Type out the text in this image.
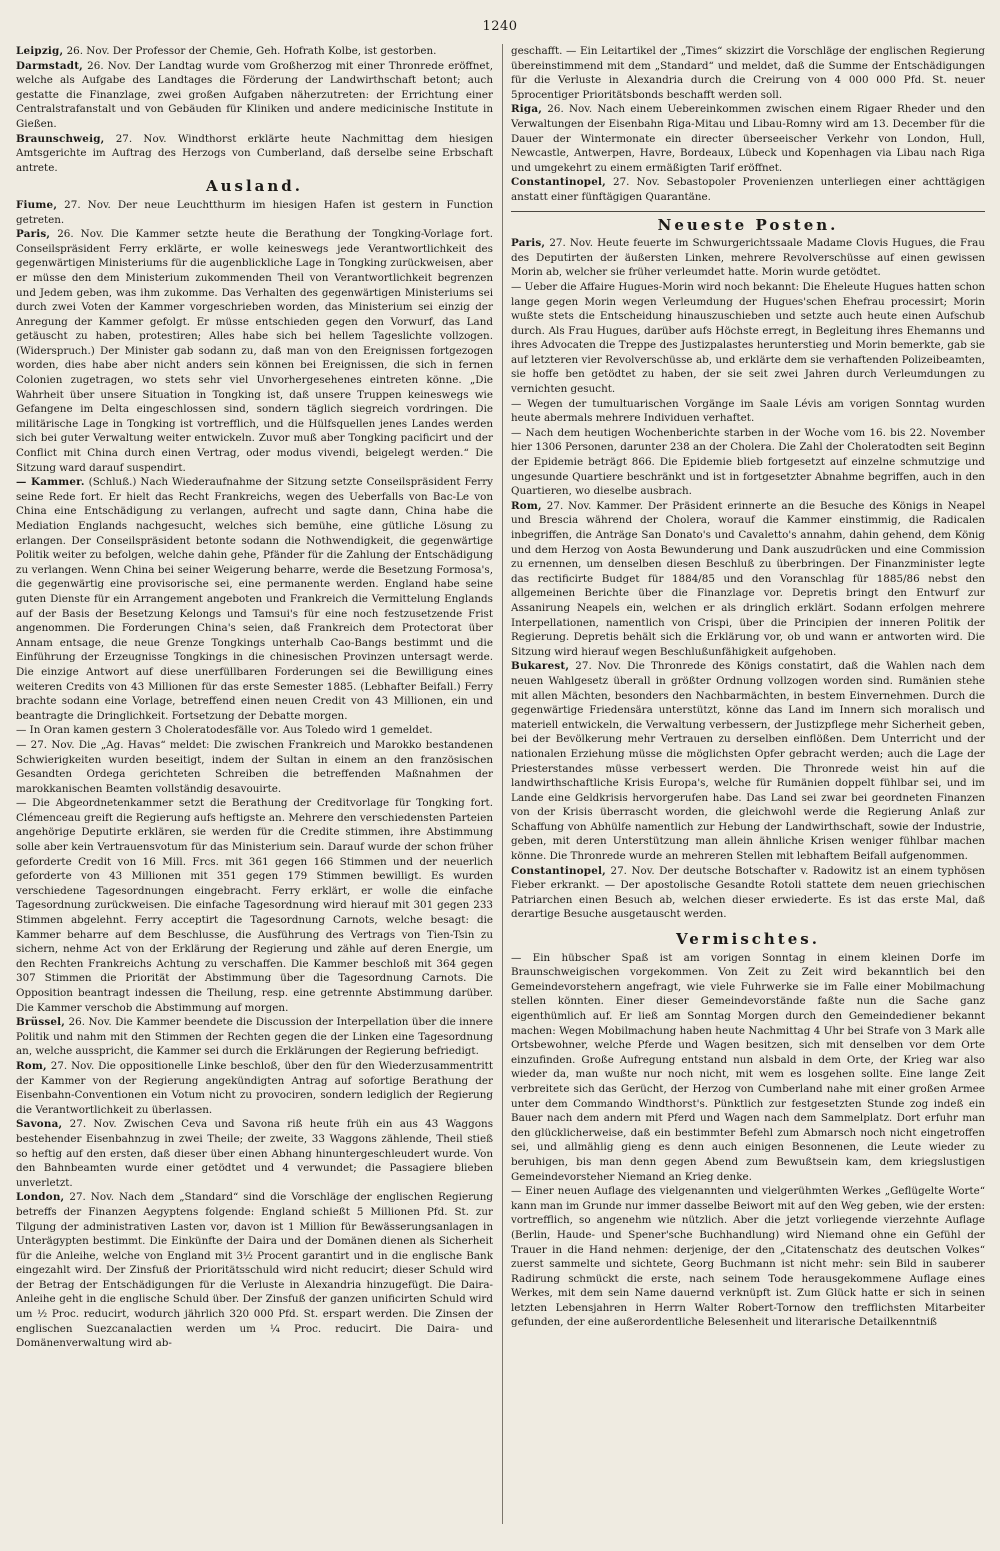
1240

Leipzig, 26. Nov. Der Professor der Chemie, Geh. Hofrath Kolbe, ist gestorben.

Darmstadt, 26. Nov. Der Landtag wurde vom Großherzog mit einer Thronrede eröffnet, welche als Aufgabe des Landtages die Förderung der Landwirthschaft betont; auch gestatte die Finanzlage, zwei großen Aufgaben näherzutreten: der Errichtung einer Centralstrafanstalt und von Gebäuden für Kliniken und andere medicinische Institute in Gießen.

Braunschweig, 27. Nov. Windthorst erklärte heute Nachmittag dem hiesigen Amtsgerichte im Auftrag des Herzogs von Cumberland, daß derselbe seine Erbschaft antrete.

Ausland.

Fiume, 27. Nov. Der neue Leuchtthurm im hiesigen Hafen ist gestern in Function getreten.

Paris, 26. Nov. Die Kammer setzte heute die Berathung der Tongking-Vorlage fort. Conseilspräsident Ferry erklärte, er wolle keineswegs jede Verantwortlichkeit des gegenwärtigen Ministeriums für die augenblickliche Lage in Tongking zurückweisen, aber er müsse den dem Ministerium zukommenden Theil von Verantwortlichkeit begrenzen und Jedem geben, was ihm zukomme. Das Verhalten des gegenwärtigen Ministeriums sei durch zwei Voten der Kammer vorgeschrieben worden, das Ministerium sei einzig der Anregung der Kammer gefolgt. Er müsse entschieden gegen den Vorwurf, das Land getäuscht zu haben, protestiren; Alles habe sich bei hellem Tageslichte vollzogen. (Widerspruch.) Der Minister gab sodann zu, daß man von den Ereignissen fortgezogen worden, dies habe aber nicht anders sein können bei Ereignissen, die sich in fernen Colonien zugetragen, wo stets sehr viel Unvorhergesehenes eintreten könne. „Die Wahrheit über unsere Situation in Tongking ist, daß unsere Truppen keineswegs wie Gefangene im Delta eingeschlossen sind, sondern täglich siegreich vordringen. Die militärische Lage in Tongking ist vortrefflich, und die Hülfsquellen jenes Landes werden sich bei guter Verwaltung weiter entwickeln. Zuvor muß aber Tongking pacificirt und der Conflict mit China durch einen Vertrag, oder modus vivendi, beigelegt werden.“ Die Sitzung ward darauf suspendirt.

— Kammer. (Schluß.) Nach Wiederaufnahme der Sitzung setzte Conseilspräsident Ferry seine Rede fort. Er hielt das Recht Frankreichs, wegen des Ueberfalls von Bac-Le von China eine Entschädigung zu verlangen, aufrecht und sagte dann, China habe die Mediation Englands nachgesucht, welches sich bemühe, eine gütliche Lösung zu erlangen. Der Conseilspräsident betonte sodann die Nothwendigkeit, die gegenwärtige Politik weiter zu befolgen, welche dahin gehe, Pfänder für die Zahlung der Entschädigung zu verlangen. Wenn China bei seiner Weigerung beharre, werde die Besetzung Formosa's, die gegenwärtig eine provisorische sei, eine permanente werden. England habe seine guten Dienste für ein Arrangement angeboten und Frankreich die Vermittelung Englands auf der Basis der Besetzung Kelongs und Tamsui's für eine noch festzusetzende Frist angenommen. Die Forderungen China's seien, daß Frankreich dem Protectorat über Annam entsage, die neue Grenze Tongkings unterhalb Cao-Bangs bestimmt und die Einführung der Erzeugnisse Tongkings in die chinesischen Provinzen untersagt werde. Die einzige Antwort auf diese unerfüllbaren Forderungen sei die Bewilligung eines weiteren Credits von 43 Millionen für das erste Semester 1885. (Lebhafter Beifall.) Ferry brachte sodann eine Vorlage, betreffend einen neuen Credit von 43 Millionen, ein und beantragte die Dringlichkeit. Fortsetzung der Debatte morgen.

— In Oran kamen gestern 3 Choleratodesfälle vor. Aus Toledo wird 1 gemeldet.

— 27. Nov. Die „Ag. Havas“ meldet: Die zwischen Frankreich und Marokko bestandenen Schwierigkeiten wurden beseitigt, indem der Sultan in einem an den französischen Gesandten Ordega gerichteten Schreiben die betreffenden Maßnahmen der marokkanischen Beamten vollständig desavouirte.

— Die Abgeordnetenkammer setzt die Berathung der Creditvorlage für Tongking fort. Clémenceau greift die Regierung aufs heftigste an. Mehrere den verschiedensten Parteien angehörige Deputirte erklären, sie werden für die Credite stimmen, ihre Abstimmung solle aber kein Vertrauensvotum für das Ministerium sein. Darauf wurde der schon früher geforderte Credit von 16 Mill. Frcs. mit 361 gegen 166 Stimmen und der neuerlich geforderte von 43 Millionen mit 351 gegen 179 Stimmen bewilligt. Es wurden verschiedene Tagesordnungen eingebracht. Ferry erklärt, er wolle die einfache Tagesordnung zurückweisen. Die einfache Tagesordnung wird hierauf mit 301 gegen 233 Stimmen abgelehnt. Ferry acceptirt die Tagesordnung Carnots, welche besagt: die Kammer beharre auf dem Beschlusse, die Ausführung des Vertrags von Tien-Tsin zu sichern, nehme Act von der Erklärung der Regierung und zähle auf deren Energie, um den Rechten Frankreichs Achtung zu verschaffen. Die Kammer beschloß mit 364 gegen 307 Stimmen die Priorität der Abstimmung über die Tagesordnung Carnots. Die Opposition beantragt indessen die Theilung, resp. eine getrennte Abstimmung darüber. Die Kammer verschob die Abstimmung auf morgen.

Brüssel, 26. Nov. Die Kammer beendete die Discussion der Interpellation über die innere Politik und nahm mit den Stimmen der Rechten gegen die der Linken eine Tagesordnung an, welche ausspricht, die Kammer sei durch die Erklärungen der Regierung befriedigt.

Rom, 27. Nov. Die oppositionelle Linke beschloß, über den für den Wiederzusammentritt der Kammer von der Regierung angekündigten Antrag auf sofortige Berathung der Eisenbahn-Conventionen ein Votum nicht zu provociren, sondern lediglich der Regierung die Verantwortlichkeit zu überlassen.

Savona, 27. Nov. Zwischen Ceva und Savona riß heute früh ein aus 43 Waggons bestehender Eisenbahnzug in zwei Theile; der zweite, 33 Waggons zählende, Theil stieß so heftig auf den ersten, daß dieser über einen Abhang hinuntergeschleudert wurde. Von den Bahnbeamten wurde einer getödtet und 4 verwundet; die Passagiere blieben unverletzt.

London, 27. Nov. Nach dem „Standard“ sind die Vorschläge der englischen Regierung betreffs der Finanzen Aegyptens folgende: England schießt 5 Millionen Pfd. St. zur Tilgung der administrativen Lasten vor, davon ist 1 Million für Bewässerungsanlagen in Unterägypten bestimmt. Die Einkünfte der Daira und der Domänen dienen als Sicherheit für die Anleihe, welche von England mit 3½ Procent garantirt und in die englische Bank eingezahlt wird. Der Zinsfuß der Prioritätsschuld wird nicht reducirt; dieser Schuld wird der Betrag der Entschädigungen für die Verluste in Alexandria hinzugefügt. Die Daira-Anleihe geht in die englische Schuld über. Der Zinsfuß der ganzen unificirten Schuld wird um ½ Proc. reducirt, wodurch jährlich 320 000 Pfd. St. erspart werden. Die Zinsen der englischen Suezcanalactien werden um ¼ Proc. reducirt. Die Daira- und Domänenverwaltung wird ab-

geschafft. — Ein Leitartikel der „Times“ skizzirt die Vorschläge der englischen Regierung übereinstimmend mit dem „Standard“ und meldet, daß die Summe der Entschädigungen für die Verluste in Alexandria durch die Creirung von 4 000 000 Pfd. St. neuer 5procentiger Prioritätsbonds beschafft werden soll.

Riga, 26. Nov. Nach einem Uebereinkommen zwischen einem Rigaer Rheder und den Verwaltungen der Eisenbahn Riga-Mitau und Libau-Romny wird am 13. December für die Dauer der Wintermonate ein directer überseeischer Verkehr von London, Hull, Newcastle, Antwerpen, Havre, Bordeaux, Lübeck und Kopenhagen via Libau nach Riga und umgekehrt zu einem ermäßigten Tarif eröffnet.

Constantinopel, 27. Nov. Sebastopoler Provenienzen unterliegen einer achttägigen anstatt einer fünftägigen Quarantäne.

Neueste Posten.

Paris, 27. Nov. Heute feuerte im Schwurgerichtssaale Madame Clovis Hugues, die Frau des Deputirten der äußersten Linken, mehrere Revolverschüsse auf einen gewissen Morin ab, welcher sie früher verleumdet hatte. Morin wurde getödtet.

— Ueber die Affaire Hugues-Morin wird noch bekannt: Die Eheleute Hugues hatten schon lange gegen Morin wegen Verleumdung der Hugues'schen Ehefrau processirt; Morin wußte stets die Entscheidung hinauszuschieben und setzte auch heute einen Aufschub durch. Als Frau Hugues, darüber aufs Höchste erregt, in Begleitung ihres Ehemanns und ihres Advocaten die Treppe des Justizpalastes herunterstieg und Morin bemerkte, gab sie auf letzteren vier Revolverschüsse ab, und erklärte dem sie verhaftenden Polizeibeamten, sie hoffe ben getödtet zu haben, der sie seit zwei Jahren durch Verleumdungen zu vernichten gesucht.

— Wegen der tumultuarischen Vorgänge im Saale Lévis am vorigen Sonntag wurden heute abermals mehrere Individuen verhaftet.

— Nach dem heutigen Wochenberichte starben in der Woche vom 16. bis 22. November hier 1306 Personen, darunter 238 an der Cholera. Die Zahl der Choleratodten seit Beginn der Epidemie beträgt 866. Die Epidemie blieb fortgesetzt auf einzelne schmutzige und ungesunde Quartiere beschränkt und ist in fortgesetzter Abnahme begriffen, auch in den Quartieren, wo dieselbe ausbrach.

Rom, 27. Nov. Kammer. Der Präsident erinnerte an die Besuche des Königs in Neapel und Brescia während der Cholera, worauf die Kammer einstimmig, die Radicalen inbegriffen, die Anträge San Donato's und Cavaletto's annahm, dahin gehend, dem König und dem Herzog von Aosta Bewunderung und Dank auszudrücken und eine Commission zu ernennen, um denselben diesen Beschluß zu überbringen. Der Finanzminister legte das rectificirte Budget für 1884/85 und den Voranschlag für 1885/86 nebst den allgemeinen Berichte über die Finanzlage vor. Depretis bringt den Entwurf zur Assanirung Neapels ein, welchen er als dringlich erklärt. Sodann erfolgen mehrere Interpellationen, namentlich von Crispi, über die Principien der inneren Politik der Regierung. Depretis behält sich die Erklärung vor, ob und wann er antworten wird. Die Sitzung wird hierauf wegen Beschlußunfähigkeit aufgehoben.

Bukarest, 27. Nov. Die Thronrede des Königs constatirt, daß die Wahlen nach dem neuen Wahlgesetz überall in größter Ordnung vollzogen worden sind. Rumänien stehe mit allen Mächten, besonders den Nachbarmächten, in bestem Einvernehmen. Durch die gegenwärtige Friedensära unterstützt, könne das Land im Innern sich moralisch und materiell entwickeln, die Verwaltung verbessern, der Justizpflege mehr Sicherheit geben, bei der Bevölkerung mehr Vertrauen zu derselben einflößen. Dem Unterricht und der nationalen Erziehung müsse die möglichsten Opfer gebracht werden; auch die Lage der Priesterstandes müsse verbessert werden. Die Thronrede weist hin auf die landwirthschaftliche Krisis Europa's, welche für Rumänien doppelt fühlbar sei, und im Lande eine Geldkrisis hervorgerufen habe. Das Land sei zwar bei geordneten Finanzen von der Krisis überrascht worden, die gleichwohl werde die Regierung Anlaß zur Schaffung von Abhülfe namentlich zur Hebung der Landwirthschaft, sowie der Industrie, geben, mit deren Unterstützung man allein ähnliche Krisen weniger fühlbar machen könne. Die Thronrede wurde an mehreren Stellen mit lebhaftem Beifall aufgenommen.

Constantinopel, 27. Nov. Der deutsche Botschafter v. Radowitz ist an einem typhösen Fieber erkrankt. — Der apostolische Gesandte Rotoli stattete dem neuen griechischen Patriarchen einen Besuch ab, welchen dieser erwiederte. Es ist das erste Mal, daß derartige Besuche ausgetauscht werden.

Vermischtes.

— Ein hübscher Spaß ist am vorigen Sonntag in einem kleinen Dorfe im Braunschweigischen vorgekommen. Von Zeit zu Zeit wird bekanntlich bei den Gemeindevorstehern angefragt, wie viele Fuhrwerke sie im Falle einer Mobilmachung stellen könnten. Einer dieser Gemeindevorstände faßte nun die Sache ganz eigenthümlich auf. Er ließ am Sonntag Morgen durch den Gemeindediener bekannt machen: Wegen Mobilmachung haben heute Nachmittag 4 Uhr bei Strafe von 3 Mark alle Ortsbewohner, welche Pferde und Wagen besitzen, sich mit denselben vor dem Orte einzufinden. Große Aufregung entstand nun alsbald in dem Orte, der Krieg war also wieder da, man wußte nur noch nicht, mit wem es losgehen sollte. Eine lange Zeit verbreitete sich das Gerücht, der Herzog von Cumberland nahe mit einer großen Armee unter dem Commando Windthorst's. Pünktlich zur festgesetzten Stunde zog indeß ein Bauer nach dem andern mit Pferd und Wagen nach dem Sammelplatz. Dort erfuhr man den glücklicherweise, daß ein bestimmter Befehl zum Abmarsch noch nicht eingetroffen sei, und allmählig gieng es denn auch einigen Besonnenen, die Leute wieder zu beruhigen, bis man denn gegen Abend zum Bewußtsein kam, dem kriegslustigen Gemeindevorsteher Niemand an Krieg denke.

— Einer neuen Auflage des vielgenannten und vielgerühmten Werkes „Geflügelte Worte“ kann man im Grunde nur immer dasselbe Beiwort mit auf den Weg geben, wie der ersten: vortrefflich, so angenehm wie nützlich. Aber die jetzt vorliegende vierzehnte Auflage (Berlin, Haude- und Spener'sche Buchhandlung) wird Niemand ohne ein Gefühl der Trauer in die Hand nehmen: derjenige, der den „Citatenschatz des deutschen Volkes“ zuerst sammelte und sichtete, Georg Buchmann ist nicht mehr: sein Bild in sauberer Radirung schmückt die erste, nach seinem Tode herausgekommene Auflage eines Werkes, mit dem sein Name dauernd verknüpft ist. Zum Glück hatte er sich in seinen letzten Lebensjahren in Herrn Walter Robert-Tornow den trefflichsten Mitarbeiter gefunden, der eine außerordentliche Belesenheit und literarische Detailkenntniß
